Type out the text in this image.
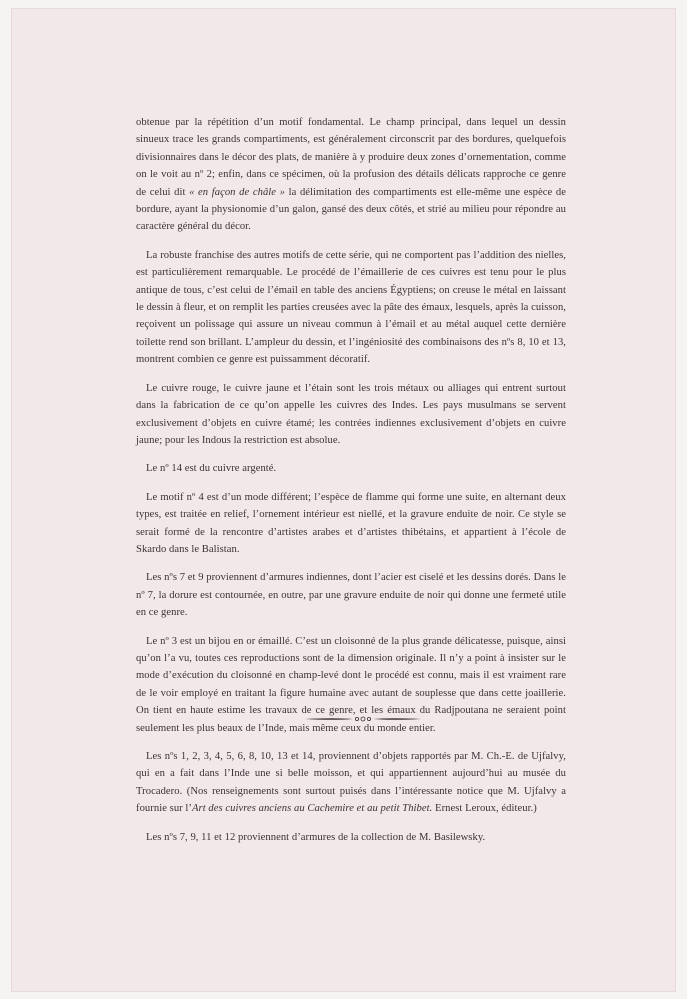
obtenue par la répétition d’un motif fondamental. Le champ principal, dans lequel un dessin sinueux trace les grands compartiments, est généralement circonscrit par des bordures, quelquefois divisionnaires dans le décor des plats, de manière à y produire deux zones d’ornementation, comme on le voit au nº 2; enfin, dans ce spécimen, où la profusion des détails délicats rapproche ce genre de celui dit « en façon de châle » la délimitation des compartiments est elle-même une espèce de bordure, ayant la physionomie d’un galon, gansé des deux côtés, et strié au milieu pour répondre au caractère général du décor.

La robuste franchise des autres motifs de cette série, qui ne comportent pas l’addition des nielles, est particulièrement remarquable. Le procédé de l’émaillerie de ces cuivres est tenu pour le plus antique de tous, c’est celui de l’émail en table des anciens Égyptiens; on creuse le métal en laissant le dessin à fleur, et on remplit les parties creusées avec la pâte des émaux, lesquels, après la cuisson, reçoivent un polissage qui assure un niveau commun à l’émail et au métal auquel cette dernière toilette rend son brillant. L’ampleur du dessin, et l’ingéniosité des combinaisons des nºs 8, 10 et 13, montrent combien ce genre est puissamment décoratif.

Le cuivre rouge, le cuivre jaune et l’étain sont les trois métaux ou alliages qui entrent surtout dans la fabrication de ce qu’on appelle les cuivres des Indes. Les pays musulmans se servent exclusivement d’objets en cuivre étamé; les contrées indiennes exclusivement d’objets en cuivre jaune; pour les Indous la restriction est absolue.

Le nº 14 est du cuivre argenté.

Le motif nº 4 est d’un mode différent; l’espèce de flamme qui forme une suite, en alternant deux types, est traitée en relief, l’ornement intérieur est niellé, et la gravure enduite de noir. Ce style se serait formé de la rencontre d’artistes arabes et d’artistes thibétains, et appartient à l’école de Skardo dans le Balistan.

Les nºs 7 et 9 proviennent d’armures indiennes, dont l’acier est ciselé et les dessins dorés. Dans le nº 7, la dorure est contournée, en outre, par une gravure enduite de noir qui donne une fermeté utile en ce genre.

Le nº 3 est un bijou en or émaillé. C’est un cloisonné de la plus grande délicatesse, puisque, ainsi qu’on l’a vu, toutes ces reproductions sont de la dimension originale. Il n’y a point à insister sur le mode d’exécution du cloisonné en champ-levé dont le procédé est connu, mais il est vraiment rare de le voir employé en traitant la figure humaine avec autant de souplesse que dans cette joaillerie. On tient en haute estime les travaux de ce genre, et les émaux du Radjpoutana ne seraient point seulement les plus beaux de l’Inde, mais même ceux du monde entier.

Les nºs 1, 2, 3, 4, 5, 6, 8, 10, 13 et 14, proviennent d’objets rapportés par M. Ch.-E. de Ujfalvy, qui en a fait dans l’Inde une si belle moisson, et qui appartiennent aujourd’hui au musée du Trocadero. (Nos renseignements sont surtout puisés dans l’intéressante notice que M. Ujfalvy a fournie sur l’Art des cuivres anciens au Cachemire et au petit Thibet. Ernest Leroux, éditeur.)

Les nºs 7, 9, 11 et 12 proviennent d’armures de la collection de M. Basilewsky.
